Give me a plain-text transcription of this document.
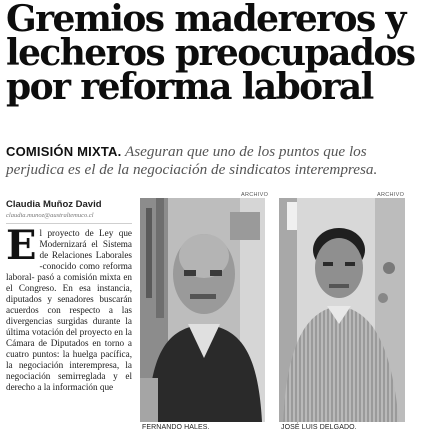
Gremios madereros y
lecheros preocupados
por reforma laboral
COMISIÓN MIXTA. Aseguran que uno de los puntos que los perjudica es el de la negociación de sindicatos interempresa.
Claudia Muñoz David
claudia.munoz@australtemuco.cl
El proyecto de Ley que Modernizará el Sistema de Relaciones Laborales -conocido como reforma laboral- pasó a comisión mixta en el Congreso. En esa instancia, diputados y senadores buscarán acuerdos con respecto a las divergencias surgidas durante la última votación del proyecto en la Cámara de Diputados en torno a cuatro puntos: la huelga pacífica, la negociación interempresa, la negociación semirreglada y el derecho a la información que
ARCHIVO
FERNANDO HALES.
ARCHIVO
JOSÉ LUIS DELGADO.
